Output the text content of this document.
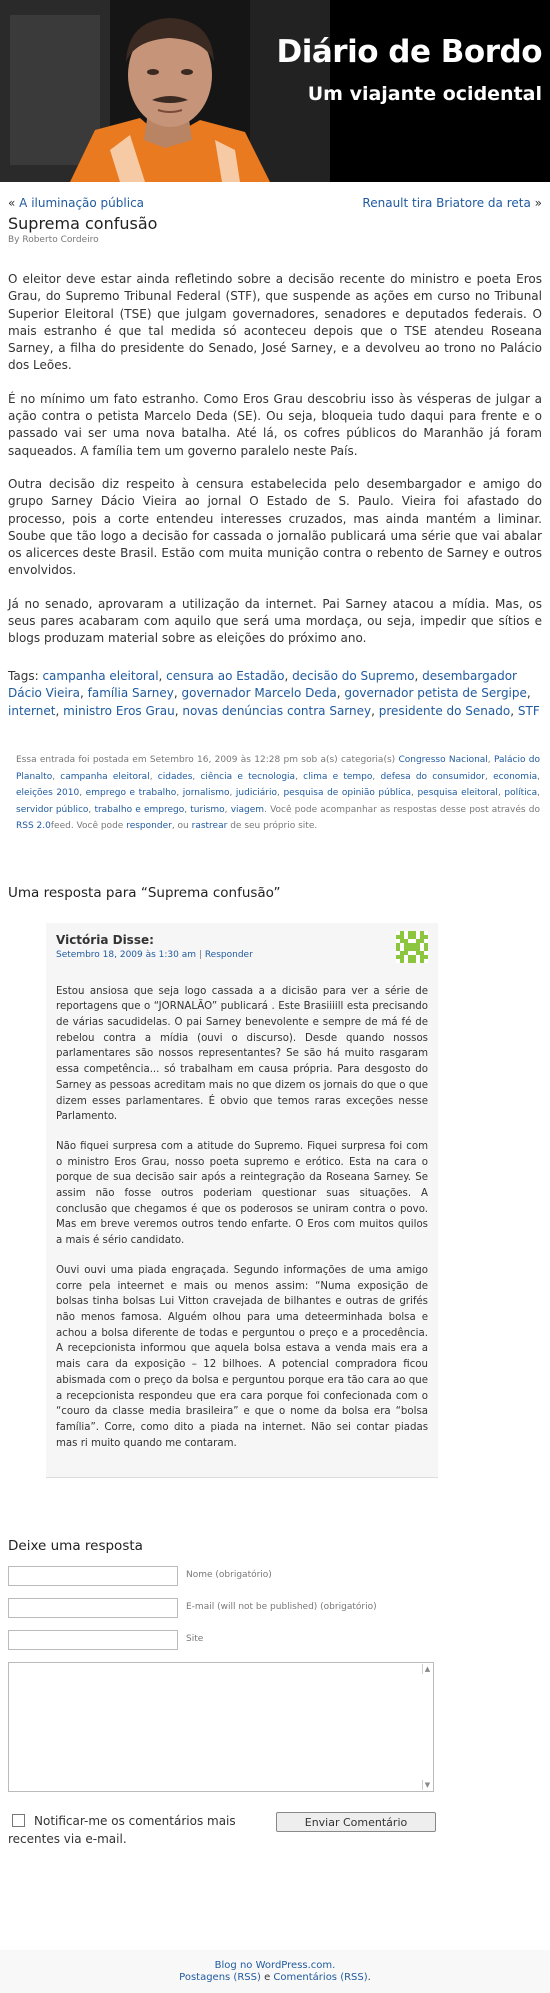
Diário de Bordo
Um viajante ocidental
« A iluminação pública	Renault tira Briatore da reta »
Suprema confusão
By Roberto Cordeiro

O eleitor deve estar ainda refletindo sobre a decisão recente do ministro e poeta Eros Grau, do Supremo Tribunal Federal (STF), que suspende as ações em curso no Tribunal Superior Eleitoral (TSE) que julgam governadores, senadores e deputados federais. O mais estranho é que tal medida só aconteceu depois que o TSE atendeu Roseana Sarney, a filha do presidente do Senado, José Sarney, e a devolveu ao trono no Palácio dos Leões.

É no mínimo um fato estranho. Como Eros Grau descobriu isso às vésperas de julgar a ação contra o petista Marcelo Deda (SE). Ou seja, bloqueia tudo daqui para frente e o passado vai ser uma nova batalha. Até lá, os cofres públicos do Maranhão já foram saqueados. A família tem um governo paralelo neste País.

Outra decisão diz respeito à censura estabelecida pelo desembargador e amigo do grupo Sarney Dácio Vieira ao jornal O Estado de S. Paulo. Vieira foi afastado do processo, pois a corte entendeu interesses cruzados, mas ainda mantém a liminar. Soube que tão logo a decisão for cassada o jornalão publicará uma série que vai abalar os alicerces deste Brasil. Estão com muita munição contra o rebento de Sarney e outros envolvidos.

Já no senado, aprovaram a utilização da internet. Pai Sarney atacou a mídia. Mas, os seus pares acabaram com aquilo que será uma mordaça, ou seja, impedir que sítios e blogs produzam material sobre as eleições do próximo ano.

Tags: campanha eleitoral, censura ao Estadão, decisão do Supremo, desembargador Dácio Vieira, família Sarney, governador Marcelo Deda, governador petista de Sergipe, internet, ministro Eros Grau, novas denúncias contra Sarney, presidente do Senado, STF
Essa entrada foi postada em Setembro 16, 2009 às 12:28 pm sob a(s) categoria(s) Congresso Nacional, Palácio do Planalto, campanha eleitoral, cidades, ciência e tecnologia, clima e tempo, defesa do consumidor, economia, eleições 2010, emprego e trabalho, jornalismo, judiciário, pesquisa de opinião pública, pesquisa eleitoral, política, servidor público, trabalho e emprego, turismo, viagem. Você pode acompanhar as respostas desse post através do RSS 2.0feed. Você pode responder, ou rastrear de seu próprio site.
Uma resposta para “Suprema confusão”
Victória Disse:
Setembro 18, 2009 às 1:30 am | Responder

Estou ansiosa que seja logo cassada a a dicisão para ver a série de reportagens que o “JORNALÃO” publicará . Este Brasiiiill esta precisando de várias sacudidelas. O pai Sarney benevolente e sempre de má fé de rebelou contra a mídia (ouvi o discurso). Desde quando nossos parlamentares são nossos representantes? Se são há muito rasgaram essa competência... só trabalham em causa própria. Para desgosto do Sarney as pessoas acreditam mais no que dizem os jornais do que o que dizem esses parlamentares. É obvio que temos raras exceções nesse Parlamento.

Não fiquei surpresa com a atitude do Supremo. Fiquei surpresa foi com o ministro Eros Grau, nosso poeta supremo e erótico. Esta na cara o porque de sua decisão sair após a reintegração da Roseana Sarney. Se assim não fosse outros poderiam questionar suas situações. A conclusão que chegamos é que os poderosos se uniram contra o povo. Mas em breve veremos outros tendo enfarte. O Eros com muitos quilos a mais é sério candidato.

Ouvi ouvi uma piada engraçada. Segundo informações de uma amigo corre pela inteernet e mais ou menos assim: “Numa exposição de bolsas tinha bolsas Lui Vitton cravejada de bilhantes e outras de grifés não menos famosa. Alguém olhou para uma deteerminhada bolsa e achou a bolsa diferente de todas e perguntou o preço e a procedência. A recepcionista informou que aquela bolsa estava a venda mais era a mais cara da exposição – 12 bilhoes. A potencial compradora ficou abismada com o preço da bolsa e perguntou porque era tão cara ao que a recepcionista respondeu que era cara porque foi confecionada com o “couro da classe media brasileira” e que o nome da bolsa era “bolsa família”. Corre, como dito a piada na internet. Não sei contar piadas mas ri muito quando me contaram.

Deixe uma resposta
Nome (obrigatório)
E-mail (will not be published) (obrigatório)
Site
▲
▼
Notificar-me os comentários mais recentes via e-mail.
Enviar Comentário
Blog no WordPress.com.
Postagens (RSS) e Comentários (RSS).
